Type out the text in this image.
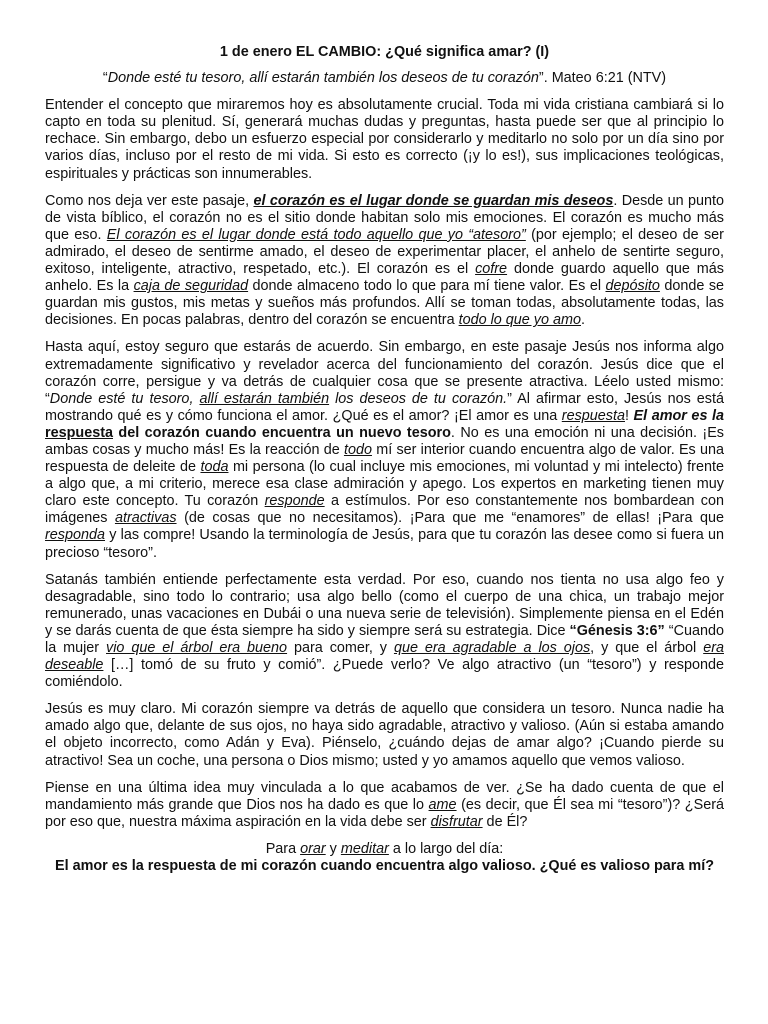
1 de enero EL CAMBIO: ¿Qué significa amar? (I)
“Donde esté tu tesoro, allí estarán también los deseos de tu corazón”. Mateo 6:21 (NTV)

Entender el concepto que miraremos hoy es absolutamente crucial. Toda mi vida cristiana cambiará si lo capto en toda su plenitud. Sí, generará muchas dudas y preguntas, hasta puede ser que al principio lo rechace. Sin embargo, debo un esfuerzo especial por considerarlo y meditarlo no solo por un día sino por varios días, incluso por el resto de mi vida. Si esto es correcto (¡y lo es!), sus implicaciones teológicas, espirituales y prácticas son innumerables.

Como nos deja ver este pasaje, el corazón es el lugar donde se guardan mis deseos. Desde un punto de vista bíblico, el corazón no es el sitio donde habitan solo mis emociones. El corazón es mucho más que eso. El corazón es el lugar donde está todo aquello que yo “atesoro” (por ejemplo; el deseo de ser admirado, el deseo de sentirme amado, el deseo de experimentar placer, el anhelo de sentirte seguro, exitoso, inteligente, atractivo, respetado, etc.). El corazón es el cofre donde guardo aquello que más anhelo. Es la caja de seguridad donde almaceno todo lo que para mí tiene valor. Es el depósito donde se guardan mis gustos, mis metas y sueños más profundos. Allí se toman todas, absolutamente todas, las decisiones. En pocas palabras, dentro del corazón se encuentra todo lo que yo amo.

Hasta aquí, estoy seguro que estarás de acuerdo. Sin embargo, en este pasaje Jesús nos informa algo extremadamente significativo y revelador acerca del funcionamiento del corazón. Jesús dice que el corazón corre, persigue y va detrás de cualquier cosa que se presente atractiva. Léelo usted mismo: “Donde esté tu tesoro, allí estarán también los deseos de tu corazón.” Al afirmar esto, Jesús nos está mostrando qué es y cómo funciona el amor. ¿Qué es el amor? ¡El amor es una respuesta! El amor es la respuesta del corazón cuando encuentra un nuevo tesoro. No es una emoción ni una decisión. ¡Es ambas cosas y mucho más! Es la reacción de todo mí ser interior cuando encuentra algo de valor. Es una respuesta de deleite de toda mi persona (lo cual incluye mis emociones, mi voluntad y mi intelecto) frente a algo que, a mi criterio, merece esa clase admiración y apego. Los expertos en marketing tienen muy claro este concepto. Tu corazón responde a estímulos. Por eso constantemente nos bombardean con imágenes atractivas (de cosas que no necesitamos). ¡Para que me “enamores” de ellas! ¡Para que responda y las compre! Usando la terminología de Jesús, para que tu corazón las desee como si fuera un precioso “tesoro”.

Satanás también entiende perfectamente esta verdad. Por eso, cuando nos tienta no usa algo feo y desagradable, sino todo lo contrario; usa algo bello (como el cuerpo de una chica, un trabajo mejor remunerado, unas vacaciones en Dubái o una nueva serie de televisión). Simplemente piensa en el Edén y se darás cuenta de que ésta siempre ha sido y siempre será su estrategia. Dice “Génesis 3:6” “Cuando la mujer vio que el árbol era bueno para comer, y que era agradable a los ojos, y que el árbol era deseable […] tomó de su fruto y comió”. ¿Puede verlo? Ve algo atractivo (un “tesoro”) y responde comiéndolo.

Jesús es muy claro. Mi corazón siempre va detrás de aquello que considera un tesoro. Nunca nadie ha amado algo que, delante de sus ojos, no haya sido agradable, atractivo y valioso. (Aún si estaba amando el objeto incorrecto, como Adán y Eva). Piénselo, ¿cuándo dejas de amar algo? ¡Cuando pierde su atractivo! Sea un coche, una persona o Dios mismo; usted y yo amamos aquello que vemos valioso.

Piense en una última idea muy vinculada a lo que acabamos de ver. ¿Se ha dado cuenta de que el mandamiento más grande que Dios nos ha dado es que lo ame (es decir, que Él sea mi “tesoro”)? ¿Será por eso que, nuestra máxima aspiración en la vida debe ser disfrutar de Él?

Para orar y meditar a lo largo del día:
El amor es la respuesta de mi corazón cuando encuentra algo valioso. ¿Qué es valioso para mí?
